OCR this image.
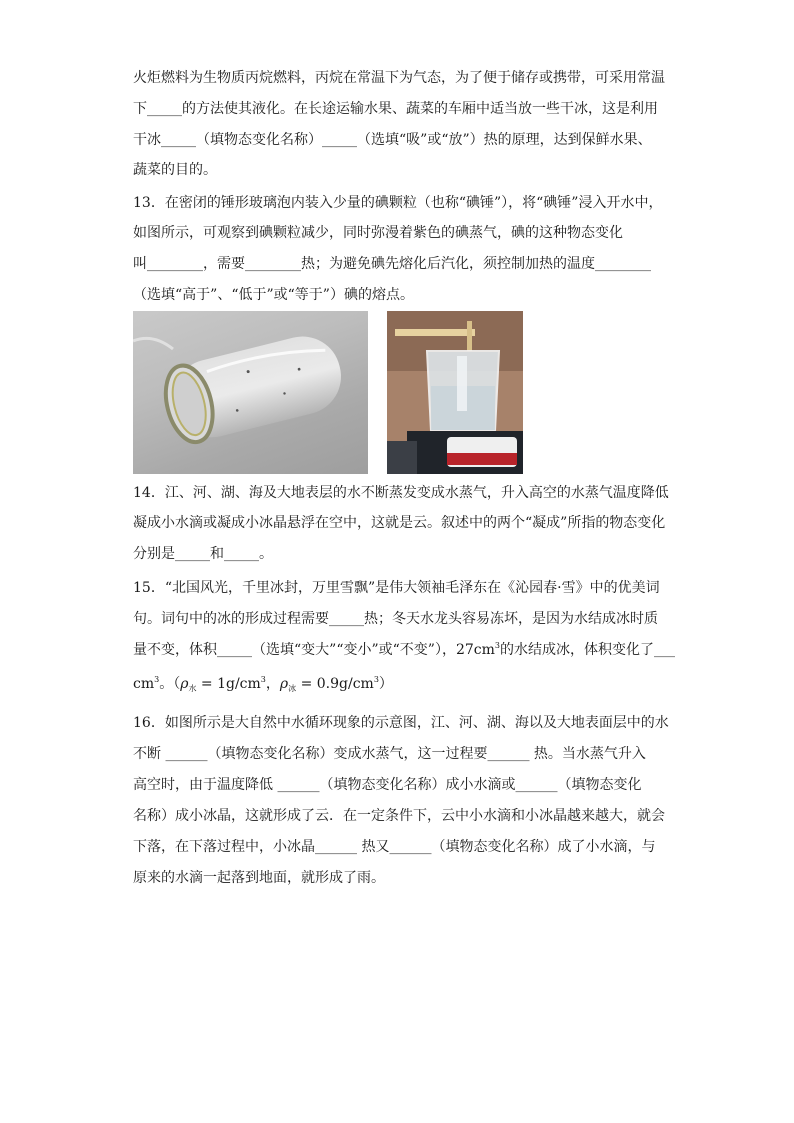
火炬燃料为生物质丙烷燃料，丙烷在常温下为气态，为了便于储存或携带，可采用常温
下_____的方法使其液化。在长途运输水果、蔬菜的车厢中适当放一些干冰，这是利用
干冰_____（填物态变化名称）_____（选填“吸”或“放”）热的原理，达到保鲜水果、
蔬菜的目的。
13．在密闭的锤形玻璃泡内装入少量的碘颗粒（也称“碘锤”），将“碘锤”浸入开水中，
如图所示，可观察到碘颗粒减少，同时弥漫着紫色的碘蒸气，碘的这种物态变化
叫________，需要________热；为避免碘先熔化后汽化，须控制加热的温度________
（选填“高于”、“低于”或“等于”）碘的熔点。
14．江、河、湖、海及大地表层的水不断蒸发变成水蒸气，升入高空的水蒸气温度降低
凝成小水滴或凝成小冰晶悬浮在空中，这就是云。叙述中的两个“凝成”所指的物态变化
分别是_____和_____。
15．“北国风光，千里冰封，万里雪飘”是伟大领袖毛泽东在《沁园春·雪》中的优美词
句。词句中的冰的形成过程需要_____热；冬天水龙头容易冻坏，是因为水结成冰时质
量不变，体积_____（选填“变大”“变小”或“不变”），$27cm^3$的水结成冰，体积变化了___
$cm^3$。（$\rho_水 = 1g/cm^3$，$\rho_冰 = 0.9g/cm^3$）
16．如图所示是大自然中水循环现象的示意图，江、河、湖、海以及大地表面层中的水
不断 ______（填物态变化名称）变成水蒸气，这一过程要______ 热。当水蒸气升入
高空时，由于温度降低 ______（填物态变化名称）成小水滴或______（填物态变化
名称）成小冰晶，这就形成了云．在一定条件下，云中小水滴和小冰晶越来越大，就会
下落，在下落过程中，小冰晶______ 热又______（填物态变化名称）成了小水滴，与
原来的水滴一起落到地面，就形成了雨。
